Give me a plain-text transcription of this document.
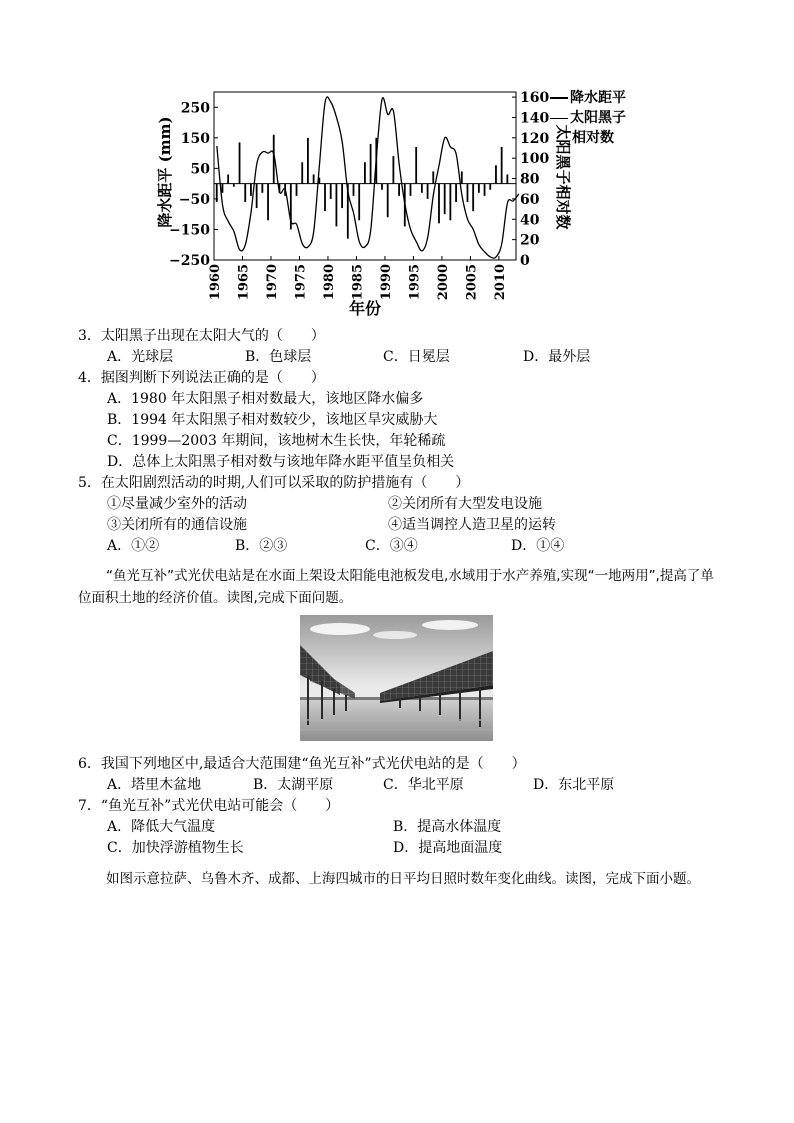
降水距平 (mm)	太阳黑子相对数
年份
250
150
50
−50
−150
−250
160
140
120
100
80
60
40
20
0
1960 1965 1970 1975 1980 1985 1990 1995 2000 2005 2010
降水距平
太阳黑子
相对数
3．太阳黑子出现在太阳大气的（　　）
A．光球层	B．色球层	C．日冕层	D．最外层
4．据图判断下列说法正确的是（　　）
A．1980 年太阳黑子相对数最大，该地区降水偏多
B．1994 年太阳黑子相对数较少，该地区旱灾威胁大
C．1999—2003 年期间，该地树木生长快，年轮稀疏
D．总体上太阳黑子相对数与该地年降水距平值呈负相关
5．在太阳剧烈活动的时期,人们可以采取的防护措施有（　　）
①尽量减少室外的活动	②关闭所有大型发电设施
③关闭所有的通信设施	④适当调控人造卫星的运转
A．①②	B．②③	C．③④	D．①④
“鱼光互补”式光伏电站是在水面上架设太阳能电池板发电,水域用于水产养殖,实现“一地两用”,提高了单位面积土地的经济价值。读图,完成下面问题。
6．我国下列地区中,最适合大范围建“鱼光互补”式光伏电站的是（　　）
A．塔里木盆地	B．太湖平原	C．华北平原	D．东北平原
7．“鱼光互补”式光伏电站可能会（　　）
A．降低大气温度	B．提高水体温度
C．加快浮游植物生长	D．提高地面温度
如图示意拉萨、乌鲁木齐、成都、上海四城市的日平均日照时数年变化曲线。读图，完成下面小题。
